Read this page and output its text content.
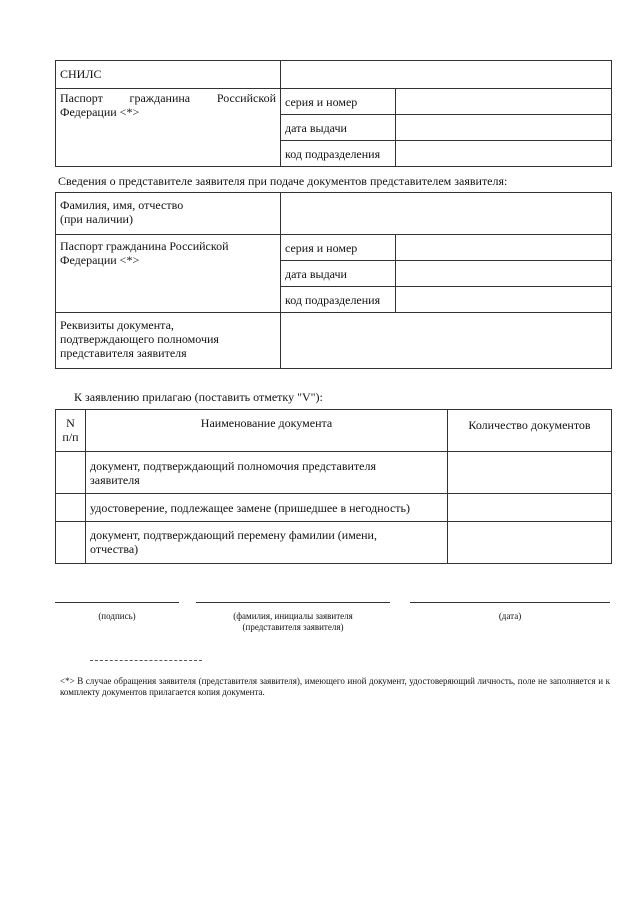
СНИЛС		

Паспорт гражданина Российской
Федерации <*>	серия и номер	
	дата выдачи	
	код подразделения	
Сведения о представителе заявителя при подаче документов представителем заявителя:
Фамилия, имя, отчество
(при наличии)		

Паспорт гражданина Российской
Федерации <*>	серия и номер	
	дата выдачи	
	код подразделения	

Реквизиты документа,
подтверждающего полномочия
представителя заявителя		

К заявлению прилагаю (поставить отметку "V"):
N
п/п	Наименование документа	Количество документов

	документ, подтверждающий полномочия представителя
заявителя	

	удостоверение, подлежащее замене (пришедшее в негодность)	

	документ, подтверждающий перемену фамилии (имени,
отчества)	

(подпись)	(фамилия, инициалы заявителя
(представителя заявителя)
(дата)
<*> В случае обращения заявителя (представителя заявителя), имеющего иной документ, удостоверяющий личность, поле не заполняется и к комплекту документов прилагается копия документа.
